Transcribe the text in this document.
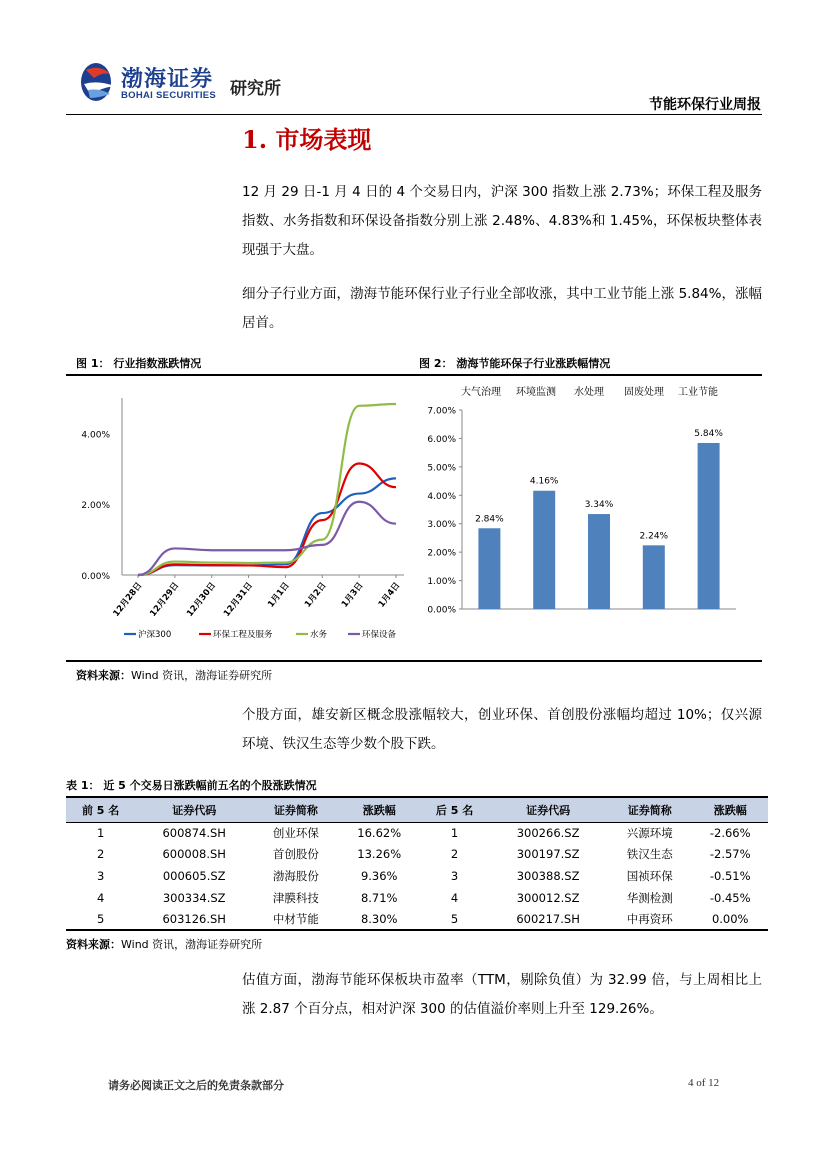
渤海证券
BOHAI SECURITIES 研究所
节能环保行业周报
1. 市场表现

12 月 29 日-1 月 4 日的 4 个交易日内，沪深 300 指数上涨 2.73%；环保工程及服务指数、水务指数和环保设备指数分别上涨 2.48%、4.83%和 1.45%，环保板块整体表现强于大盘。

细分子行业方面，渤海节能环保行业子行业全部收涨，其中工业节能上涨 5.84%，涨幅居首。

图 1： 行业指数涨跌情况	图 2： 渤海节能环保子行业涨跌幅情况
0.00%
2.00%
4.00%
12月28日 12月29日 12月30日 12月31日 1月1日 1月2日 1月3日 1月4日
沪深300	环保工程及服务	水务	环保设备
大气治理 环境监测 水处理 固废处理 工业节能
0.00%
1.00%
2.00%
3.00%
4.00%
5.00%
6.00%
7.00%
2.84%
4.16%
3.34%
2.24%
5.84%
资料来源：Wind 资讯，渤海证券研究所

个股方面，雄安新区概念股涨幅较大，创业环保、首创股份涨幅均超过 10%；仅兴源环境、铁汉生态等少数个股下跌。

表 1： 近 5 个交易日涨跌幅前五名的个股涨跌情况
前 5 名	证券代码	证券简称	涨跌幅	后 5 名	证券代码	证券简称	涨跌幅
1	600874.SH	创业环保	16.62%	1	300266.SZ	兴源环境	-2.66%
2	600008.SH	首创股份	13.26%	2	300197.SZ	铁汉生态	-2.57%
3	000605.SZ	渤海股份	9.36%	3	300388.SZ	国祯环保	-0.51%
4	300334.SZ	津膜科技	8.71%	4	300012.SZ	华测检测	-0.45%
5	603126.SH	中材节能	8.30%	5	600217.SH	中再资环	0.00%
资料来源：Wind 资讯，渤海证券研究所

估值方面，渤海节能环保板块市盈率（TTM，剔除负值）为 32.99 倍，与上周相比上涨 2.87 个百分点，相对沪深 300 的估值溢价率则上升至 129.26%。

请务必阅读正文之后的免责条款部分	4 of 12
